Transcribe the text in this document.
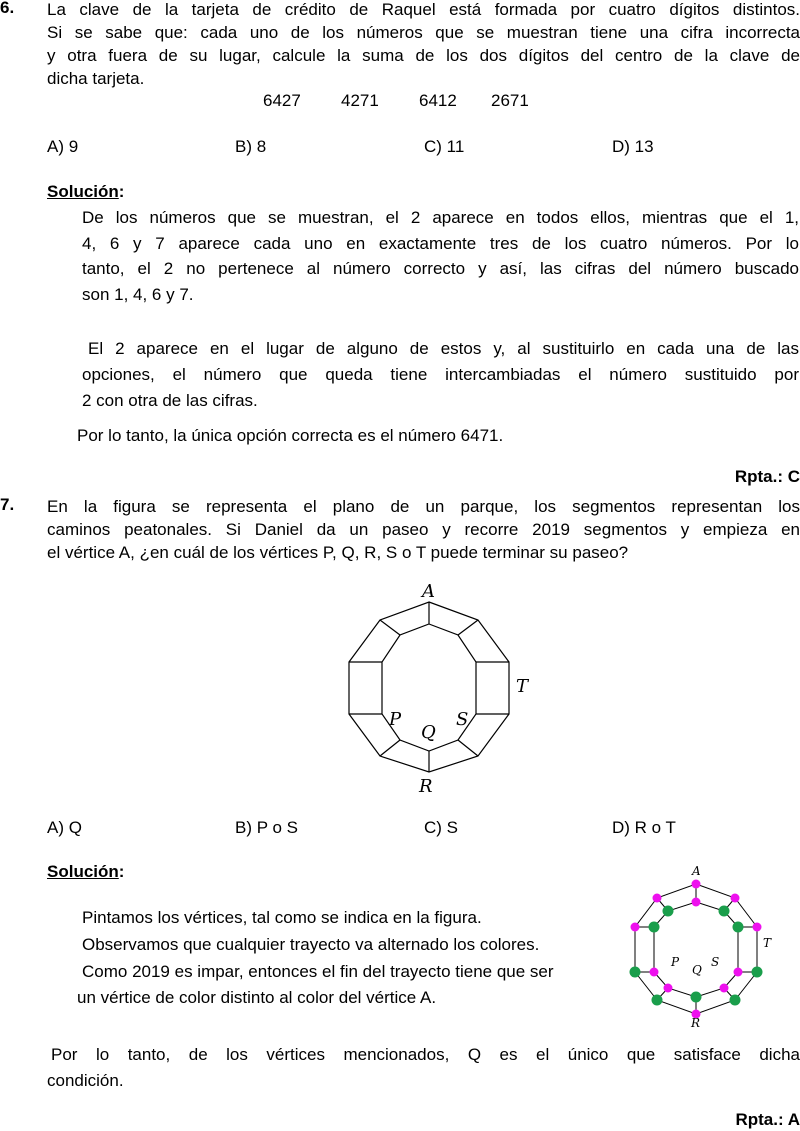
6. La clave de la tarjeta de crédito de Raquel está formada por cuatro dígitos distintos.
Si se sabe que: cada uno de los números que se muestran tiene una cifra incorrecta
y otra fuera de su lugar, calcule la suma de los dos dígitos del centro de la clave de
dicha tarjeta.
6427 4271 6412 2671
A) 9	B) 8	C) 11	D) 13
Solución:
De los números que se muestran, el 2 aparece en todos ellos, mientras que el 1,
4, 6 y 7 aparece cada uno en exactamente tres de los cuatro números. Por lo
tanto, el 2 no pertenece al número correcto y así, las cifras del número buscado
son 1, 4, 6 y 7.
El 2 aparece en el lugar de alguno de estos y, al sustituirlo en cada una de las
opciones, el número que queda tiene intercambiadas el número sustituido por
2 con otra de las cifras.
Por lo tanto, la única opción correcta es el número 6471.
Rpta.: C
7. En la figura se representa el plano de un parque, los segmentos representan los
caminos peatonales. Si Daniel da un paseo y recorre 2019 segmentos y empieza en
el vértice A, ¿en cuál de los vértices P, Q, R, S o T puede terminar su paseo?
A
T
P
Q
S
R
A) Q	B) P o S	C) S	D) R o T
Solución:
Pintamos los vértices, tal como se indica en la figura.
Observamos que cualquier trayecto va alternado los colores.
Como 2019 es impar, entonces el fin del trayecto tiene que ser
un vértice de color distinto al color del vértice A.
A
T
P
Q
S
R
Por lo tanto, de los vértices mencionados, Q es el único que satisface dicha
condición.
Rpta.: A
